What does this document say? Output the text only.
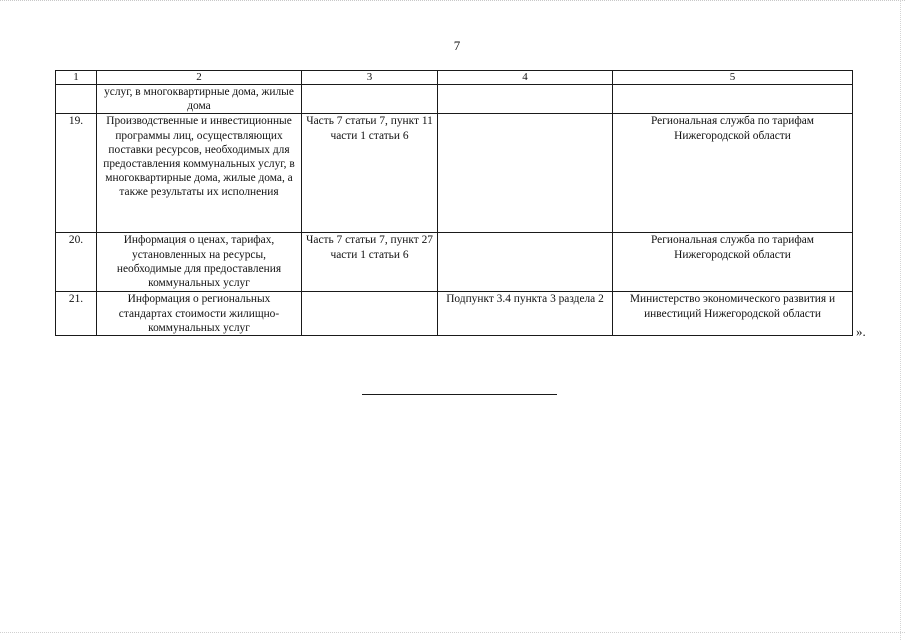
7
1	2	3	4	5
	услуг, в многоквартирные дома, жилые дома			
19.	Производственные и инвестиционные программы лиц, осуществляющих поставки ресурсов, необходимых для предоставления коммунальных услуг, в многоквартирные дома, жилые дома, а также результаты их исполнения	Часть 7 статьи 7, пункт 11 части 1 статьи 6		Региональная служба по тарифам Нижегородской области
20.	Информация о ценах, тарифах, установленных на ресурсы, необходимые для предоставления коммунальных услуг	Часть 7 статьи 7, пункт 27 части 1 статьи 6		Региональная служба по тарифам Нижегородской области
21.	Информация о региональных стандартах стоимости жилищно-коммунальных услуг		Подпункт 3.4 пункта 3 раздела 2	Министерство экономического развития и инвестиций Нижегородской области
».
